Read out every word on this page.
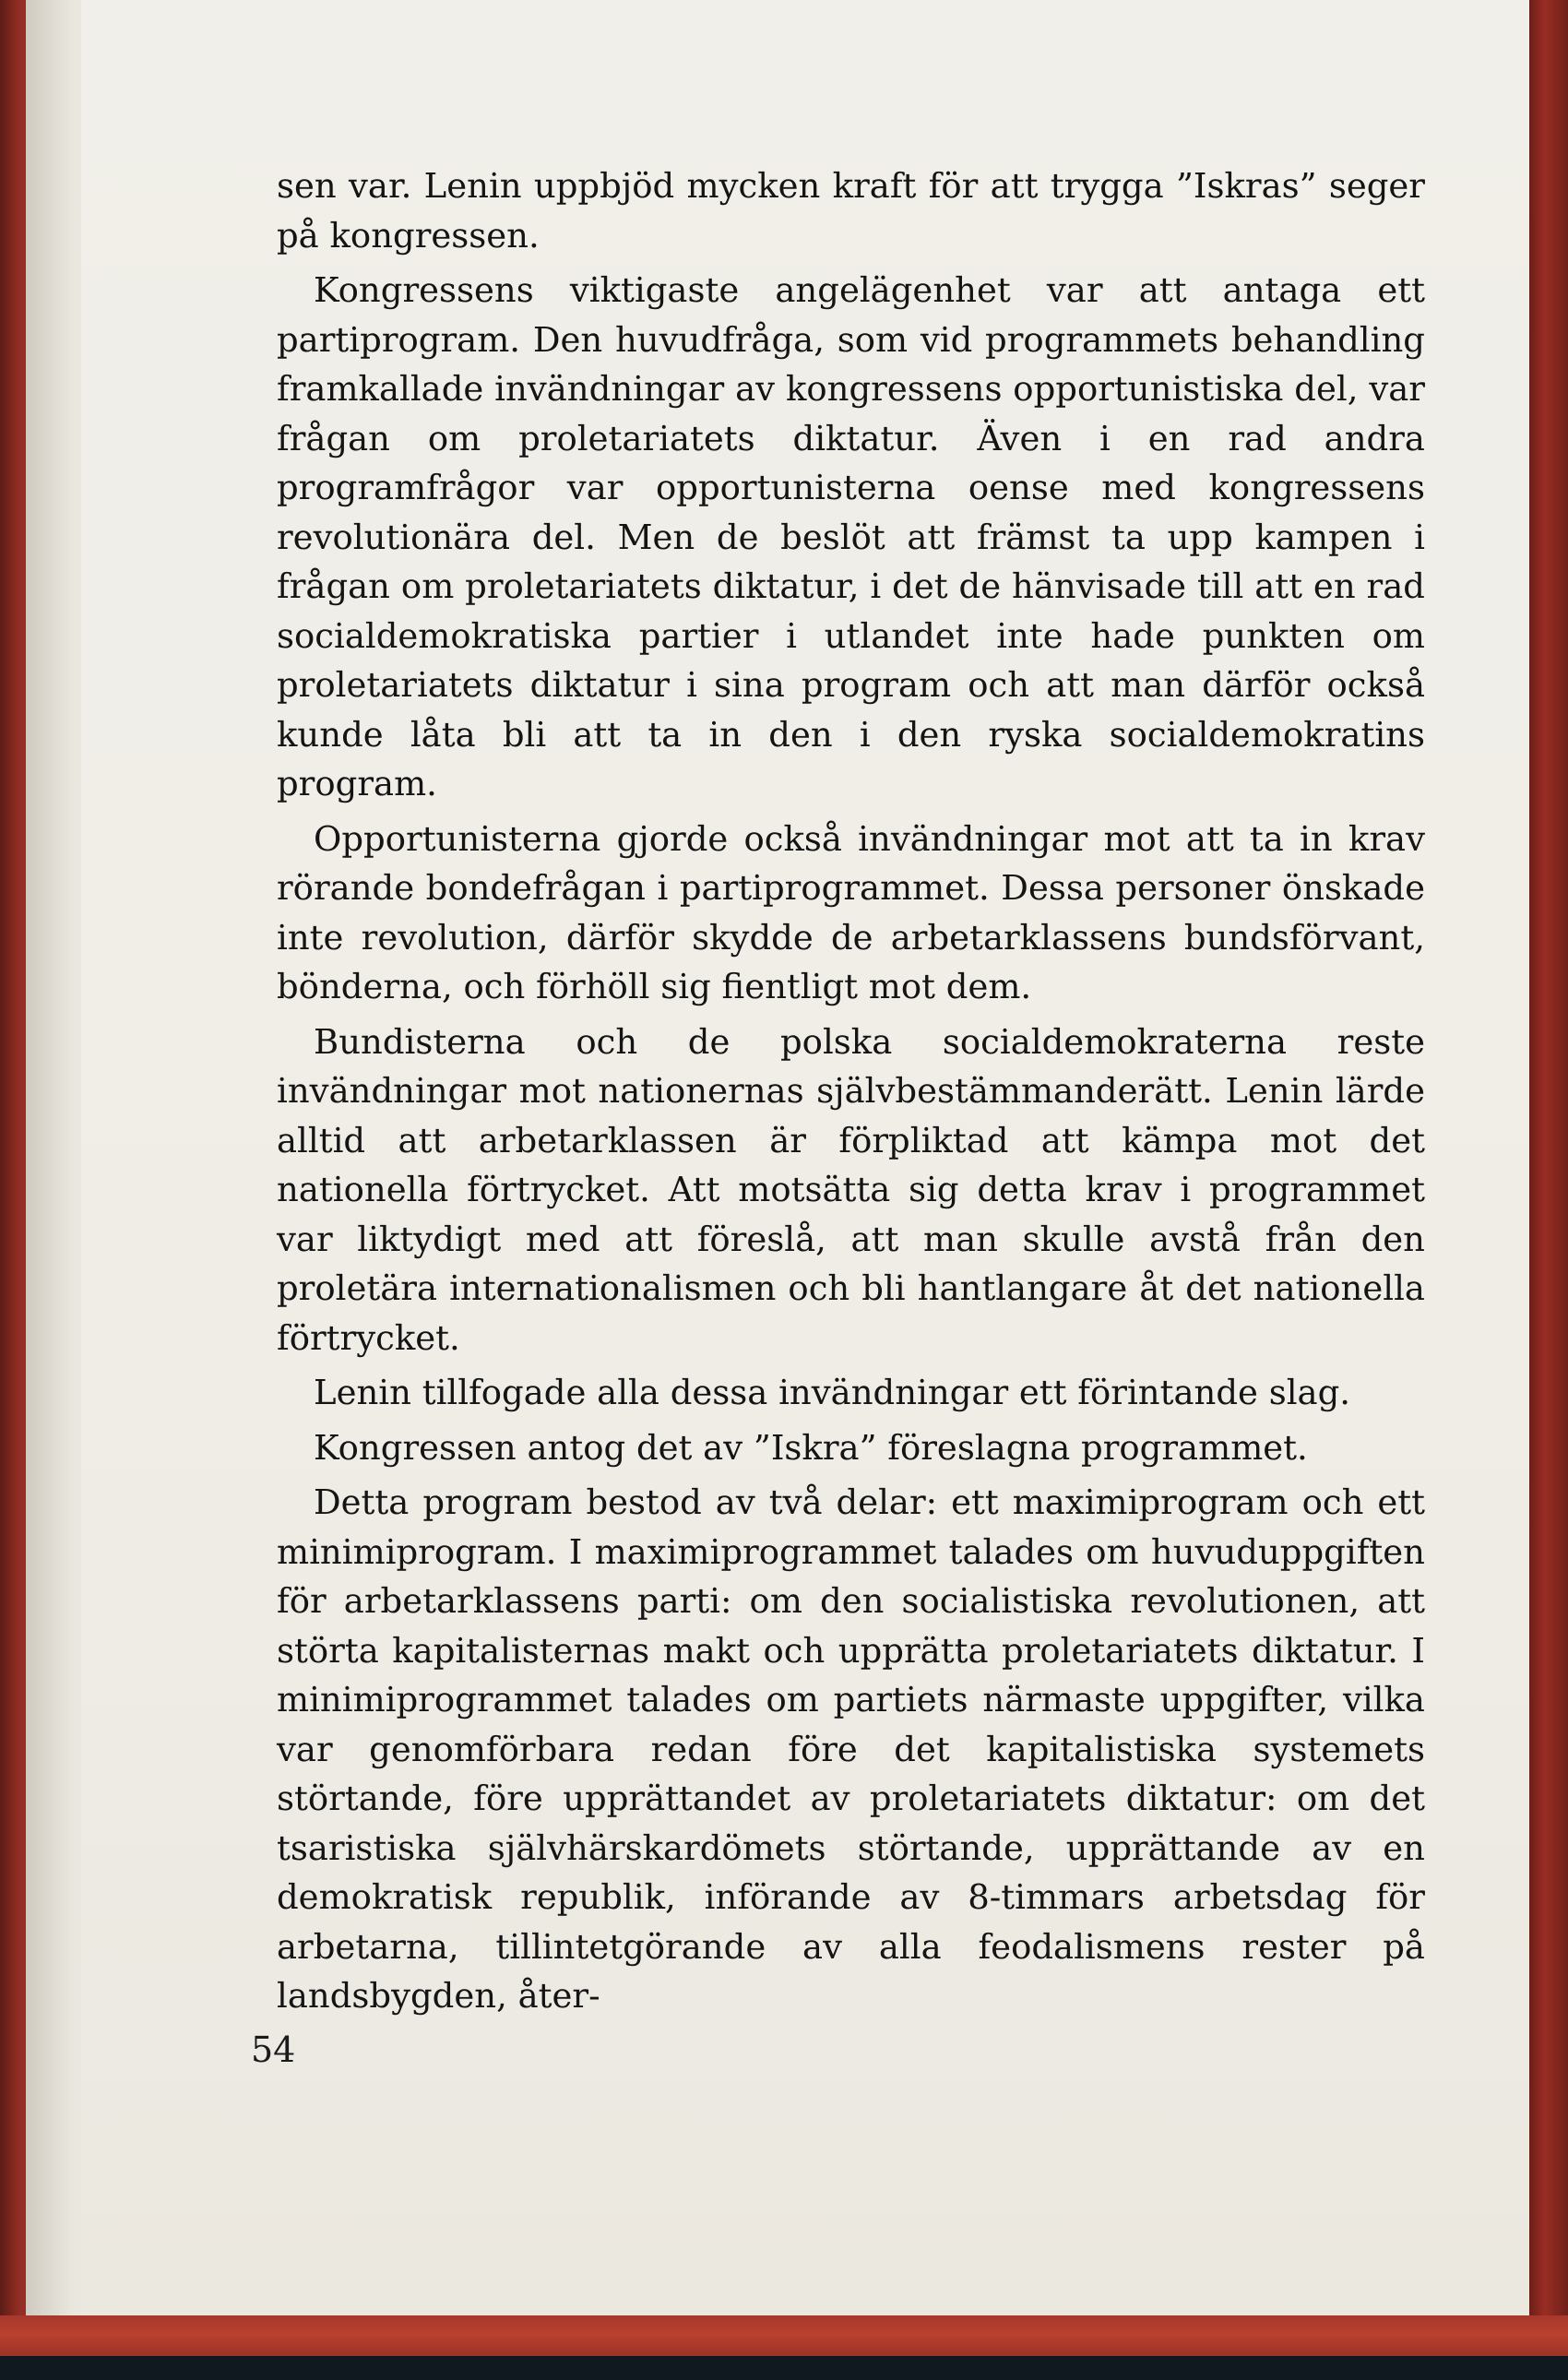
sen var. Lenin uppbjöd mycken kraft för att trygga ”Iskras” seger på kongressen.

Kongressens viktigaste angelägenhet var att antaga ett partiprogram. Den huvudfråga, som vid programmets behandling framkallade invändningar av kongressens opportunistiska del, var frågan om proletariatets diktatur. Även i en rad andra programfrågor var opportunisterna oense med kongressens revolutionära del. Men de beslöt att främst ta upp kampen i frågan om proletariatets diktatur, i det de hänvisade till att en rad socialdemokratiska partier i utlandet inte hade punkten om proletariatets diktatur i sina program och att man därför också kunde låta bli att ta in den i den ryska socialdemokratins program.

Opportunisterna gjorde också invändningar mot att ta in krav rörande bondefrågan i partiprogrammet. Dessa personer önskade inte revolution, därför skydde de arbetarklassens bundsförvant, bönderna, och förhöll sig fientligt mot dem.

Bundisterna och de polska socialdemokraterna reste invändningar mot nationernas självbestämmanderätt. Lenin lärde alltid att arbetarklassen är förpliktad att kämpa mot det nationella förtrycket. Att motsätta sig detta krav i programmet var liktydigt med att föreslå, att man skulle avstå från den proletära internationalismen och bli hantlangare åt det nationella förtrycket.

Lenin tillfogade alla dessa invändningar ett förintande slag.

Kongressen antog det av ”Iskra” föreslagna programmet.

Detta program bestod av två delar: ett maximiprogram och ett minimiprogram. I maximiprogrammet talades om huvuduppgiften för arbetarklassens parti: om den socialistiska revolutionen, att störta kapitalisternas makt och upprätta proletariatets diktatur. I minimiprogrammet talades om partiets närmaste uppgifter, vilka var genomförbara redan före det kapitalistiska systemets störtande, före upprättandet av proletariatets diktatur: om det tsaristiska självhärskardömets störtande, upprättande av en demokratisk republik, införande av 8-timmars arbetsdag för arbetarna, tillintetgörande av alla feodalismens rester på landsbygden, åter-

54
